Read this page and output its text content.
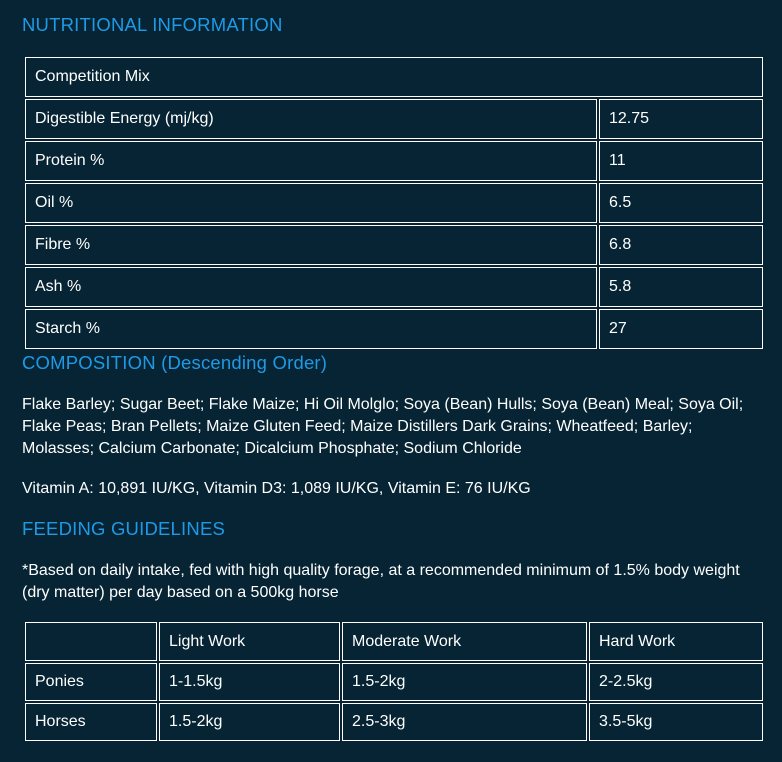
NUTRITIONAL INFORMATION
Competition Mix	
Digestible Energy (mj/kg)	12.75
Protein %	11
Oil %	6.5
Fibre %	6.8
Ash %	5.8
Starch %	27
COMPOSITION (Descending Order)

Flake Barley; Sugar Beet; Flake Maize; Hi Oil Molglo; Soya (Bean) Hulls; Soya (Bean) Meal; Soya Oil; Flake Peas; Bran Pellets; Maize Gluten Feed; Maize Distillers Dark Grains; Wheatfeed; Barley; Molasses; Calcium Carbonate; Dicalcium Phosphate; Sodium Chloride

Vitamin A: 10,891 IU/KG, Vitamin D3: 1,089 IU/KG, Vitamin E: 76 IU/KG

FEEDING GUIDELINES

*Based on daily intake, fed with high quality forage, at a recommended minimum of 1.5% body weight (dry matter) per day based on a 500kg horse

	Light Work	Moderate Work	Hard Work
Ponies	1-1.5kg	1.5-2kg	2-2.5kg
Horses	1.5-2kg	2.5-3kg	3.5-5kg
